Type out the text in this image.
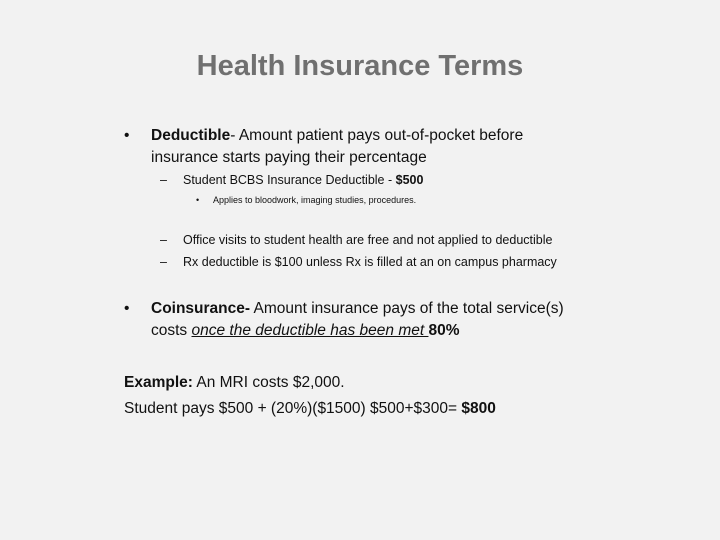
Health Insurance Terms
• Deductible- Amount patient pays out-of-pocket before
insurance starts paying their percentage
– Student BCBS Insurance Deductible - $500
• Applies to bloodwork, imaging studies, procedures.
– Office visits to student health are free and not applied to deductible
– Rx deductible is $100 unless Rx is filled at an on campus pharmacy
• Coinsurance- Amount insurance pays of the total service(s)
costs once the deductible has been met 80%
Example: An MRI costs $2,000.
Student pays $500 + (20%)($1500) $500+$300= $800
